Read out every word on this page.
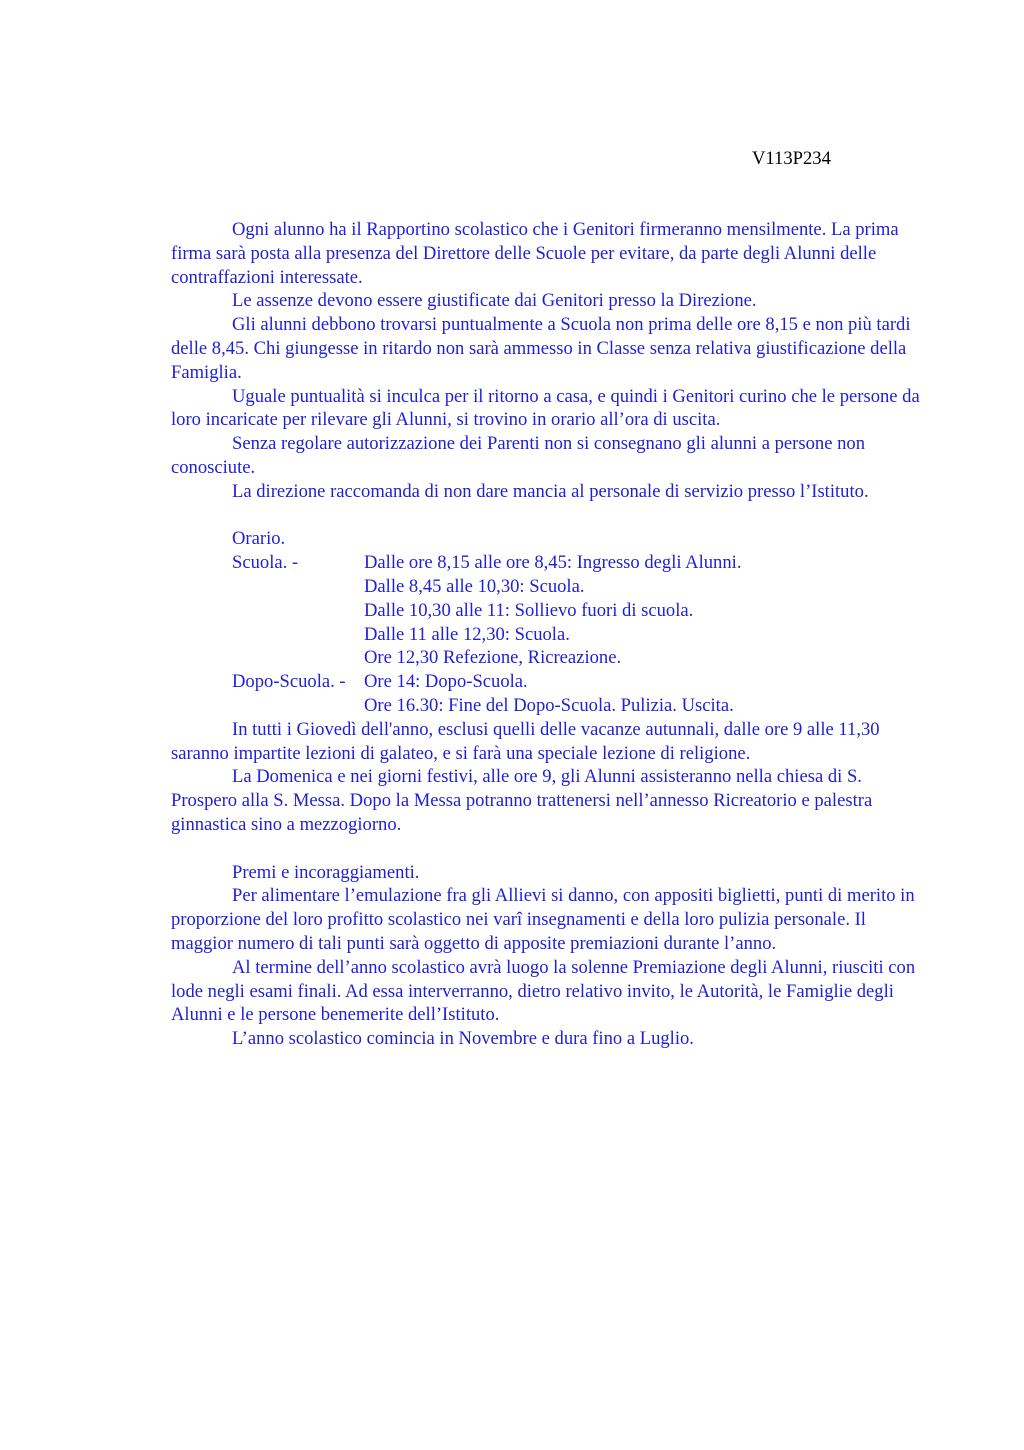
V113P234

Ogni alunno ha il Rapportino scolastico che i Genitori firmeranno mensilmente. La prima firma sarà posta alla presenza del Direttore delle Scuole per evitare, da parte degli Alunni delle contraffazioni interessate.

Le assenze devono essere giustificate dai Genitori presso la Direzione.

Gli alunni debbono trovarsi puntualmente a Scuola non prima delle ore 8,15 e non più tardi delle 8,45. Chi giungesse in ritardo non sarà ammesso in Classe senza relativa giustificazione della Famiglia.

Uguale puntualità si inculca per il ritorno a casa, e quindi i Genitori curino che le persone da loro incaricate per rilevare gli Alunni, si trovino in orario all’ora di uscita.

Senza regolare autorizzazione dei Parenti non si consegnano gli alunni a persone non conosciute.

La direzione raccomanda di non dare mancia al personale di servizio presso l’Istituto.

Orario.

Scuola. -	Dalle ore 8,15 alle ore 8,45: Ingresso degli Alunni.
Dalle 8,45 alle 10,30: Scuola.
Dalle 10,30 alle 11: Sollievo fuori di scuola.
Dalle 11 alle 12,30: Scuola.
Ore 12,30 Refezione, Ricreazione.
Dopo-Scuola. - Ore 14: Dopo-Scuola.
Ore 16.30: Fine del Dopo-Scuola. Pulizia. Uscita.

In tutti i Giovedì dell'anno, esclusi quelli delle vacanze autunnali, dalle ore 9 alle 11,30 saranno impartite lezioni di galateo, e si farà una speciale lezione di religione.

La Domenica e nei giorni festivi, alle ore 9, gli Alunni assisteranno nella chiesa di S. Prospero alla S. Messa. Dopo la Messa potranno trattenersi nell’annesso Ricreatorio e palestra ginnastica sino a mezzogiorno.

Premi e incoraggiamenti.

Per alimentare l’emulazione fra gli Allievi si danno, con appositi biglietti, punti di merito in proporzione del loro profitto scolastico nei varî insegnamenti e della loro pulizia personale. Il maggior numero di tali punti sarà oggetto di apposite premiazioni durante l’anno.

Al termine dell’anno scolastico avrà luogo la solenne Premiazione degli Alunni, riusciti con lode negli esami finali. Ad essa interverranno, dietro relativo invito, le Autorità, le Famiglie degli Alunni e le persone benemerite dell’Istituto.

L’anno scolastico comincia in Novembre e dura fino a Luglio.
